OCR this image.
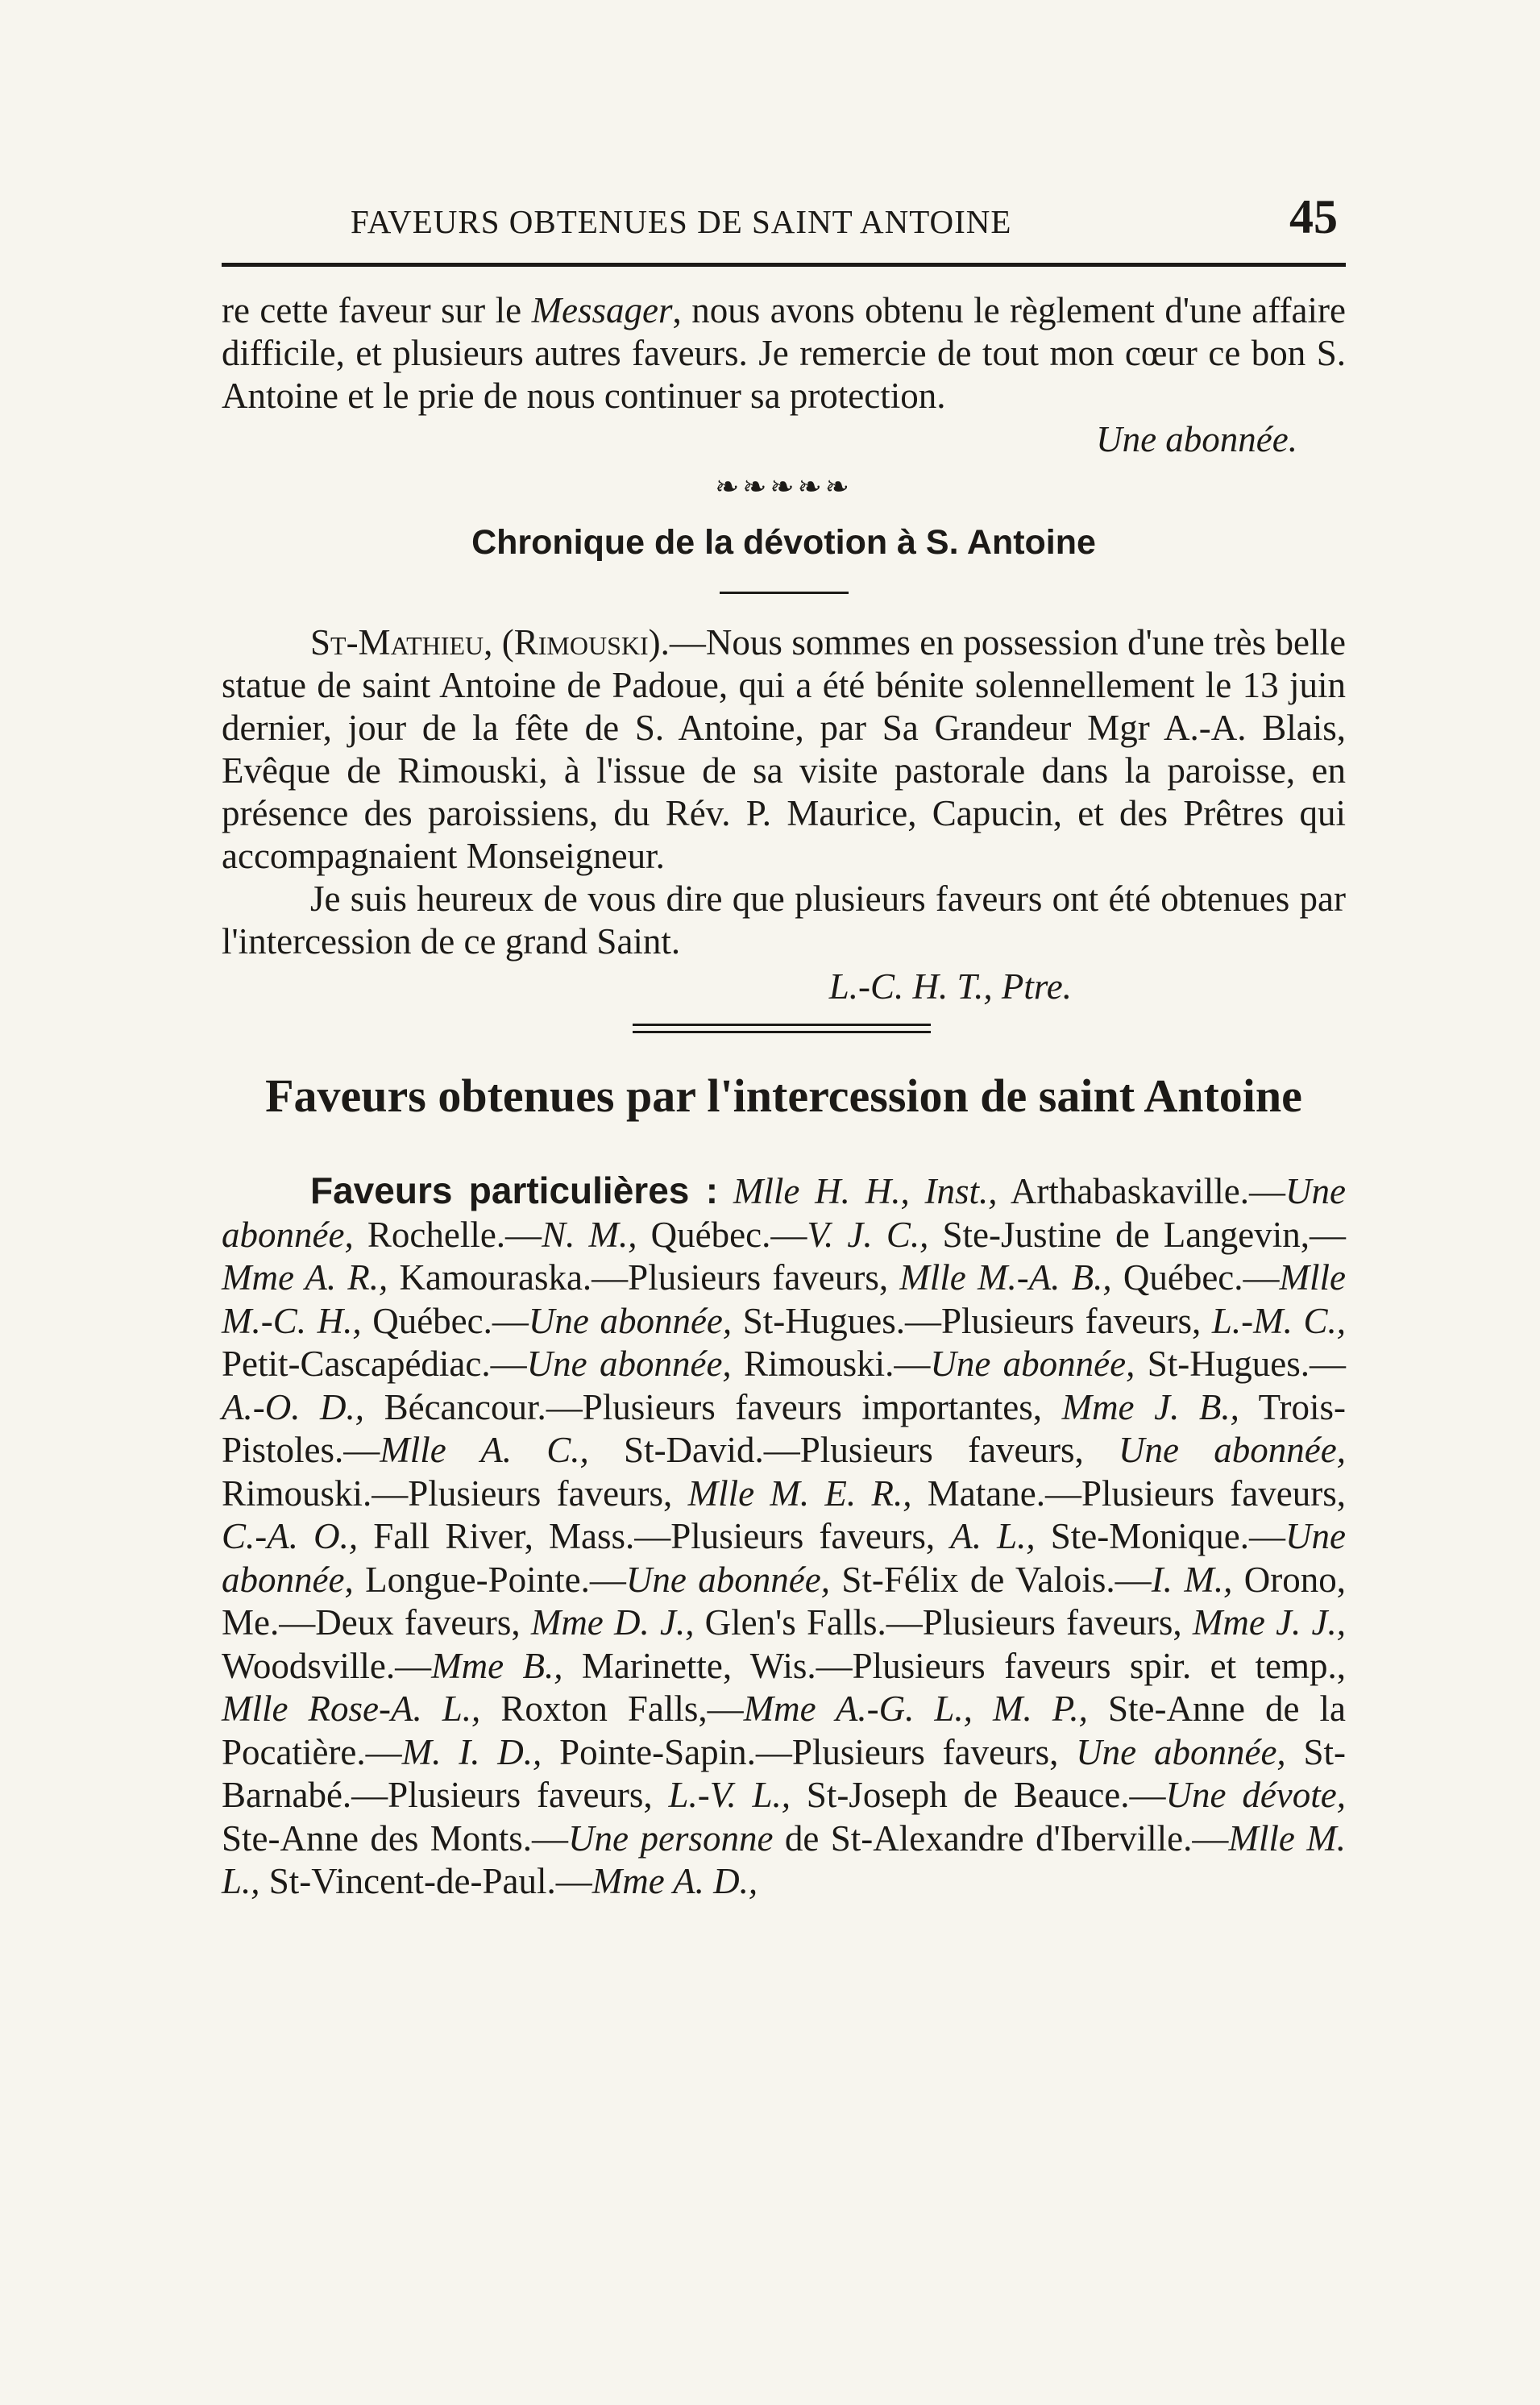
FAVEURS OBTENUES DE SAINT ANTOINE	45

re cette faveur sur le Messager, nous avons obtenu le règlement d'une affaire difficile, et plusieurs autres faveurs. Je remercie de tout mon cœur ce bon S. Antoine et le prie de nous continuer sa protection.

Une abonnée.
❧❧❧❧❧
Chronique de la dévotion à S. Antoine

St-Mathieu, (Rimouski).—Nous sommes en possession d'une très belle statue de saint Antoine de Padoue, qui a été bénite solennellement le 13 juin dernier, jour de la fête de S. Antoine, par Sa Grandeur Mgr A.-A. Blais, Evêque de Rimouski, à l'issue de sa visite pastorale dans la paroisse, en présence des paroissiens, du Rév. P. Maurice, Capucin, et des Prêtres qui accompagnaient Monseigneur.

Je suis heureux de vous dire que plusieurs faveurs ont été obtenues par l'intercession de ce grand Saint.

L.-C. H. T., Ptre.
Faveurs obtenues par l'intercession de saint Antoine

Faveurs particulières : Mlle H. H., Inst., Arthabaskaville.—Une abonnée, Rochelle.—N. M., Québec.—V. J. C., Ste-Justine de Langevin,—Mme A. R., Kamouraska.—Plusieurs faveurs, Mlle M.-A. B., Québec.—Mlle M.-C. H., Québec.—Une abonnée, St-Hugues.—Plusieurs faveurs, L.-M. C., Petit-Cascapédiac.—Une abonnée, Rimouski.—Une abonnée, St-Hugues.—A.-O. D., Bécancour.—Plusieurs faveurs importantes, Mme J. B., Trois-Pistoles.—Mlle A. C., St-David.—Plusieurs faveurs, Une abonnée, Rimouski.—Plusieurs faveurs, Mlle M. E. R., Matane.—Plusieurs faveurs, C.-A. O., Fall River, Mass.—Plusieurs faveurs, A. L., Ste-Monique.—Une abonnée, Longue-Pointe.—Une abonnée, St-Félix de Valois.—I. M., Orono, Me.—Deux faveurs, Mme D. J., Glen's Falls.—Plusieurs faveurs, Mme J. J., Woodsville.—Mme B., Marinette, Wis.—Plusieurs faveurs spir. et temp., Mlle Rose-A. L., Roxton Falls,—Mme A.-G. L., M. P., Ste-Anne de la Pocatière.—M. I. D., Pointe-Sapin.—Plusieurs faveurs, Une abonnée, St-Barnabé.—Plusieurs faveurs, L.-V. L., St-Joseph de Beauce.—Une dévote, Ste-Anne des Monts.—Une personne de St-Alexandre d'Iberville.—Mlle M. L., St-Vincent-de-Paul.—Mme A. D.,
